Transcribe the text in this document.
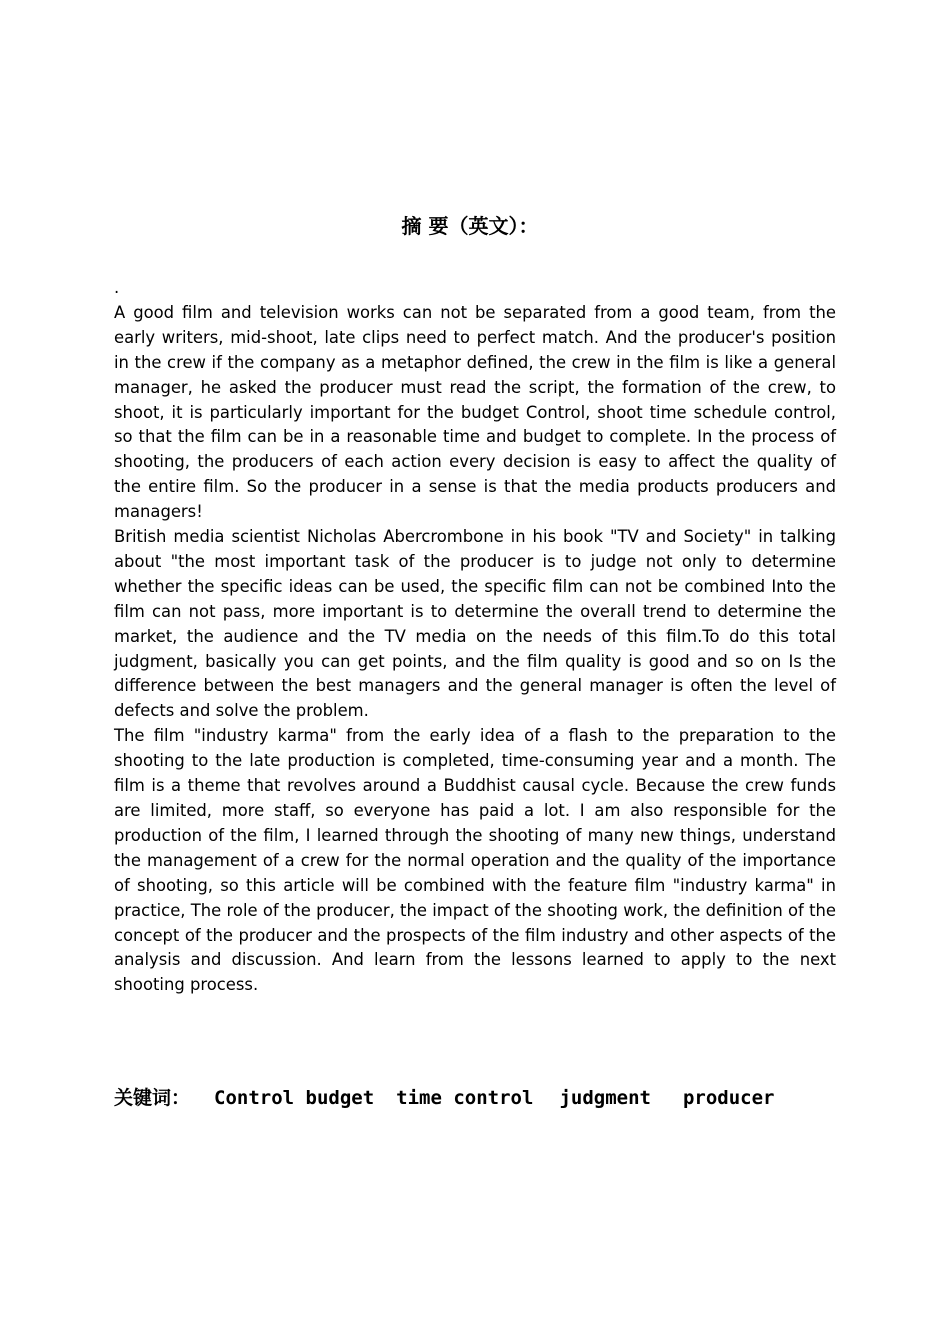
摘 要（英文）：

.

A good film and television works can not be separated from a good team, from the early writers, mid-shoot, late clips need to perfect match. And the producer's position in the crew if the company as a metaphor defined, the crew in the film is like a general manager, he asked the producer must read the script, the formation of the crew, to shoot, it is particularly important for the budget Control, shoot time schedule control, so that the film can be in a reasonable time and budget to complete. In the process of shooting, the producers of each action every decision is easy to affect the quality of the entire film. So the producer in a sense is that the media products producers and managers!

British media scientist Nicholas Abercrombone in his book "TV and Society" in talking about "the most important task of the producer is to judge not only to determine whether the specific ideas can be used, the specific film can not be combined Into the film can not pass, more important is to determine the overall trend to determine the market, the audience and the TV media on the needs of this film.To do this total judgment, basically you can get points, and the film quality is good and so on Is the difference between the best managers and the general manager is often the level of defects and solve the problem.

The film "industry karma" from the early idea of a flash to the preparation to the shooting to the late production is completed, time-consuming year and a month. The film is a theme that revolves around a Buddhist causal cycle. Because the crew funds are limited, more staff, so everyone has paid a lot. I am also responsible for the production of the film, I learned through the shooting of many new things, understand the management of a crew for the normal operation and the quality of the importance of shooting, so this article will be combined with the feature film "industry karma" in practice, The role of the producer, the impact of the shooting work, the definition of the concept of the producer and the prospects of the film industry and other aspects of the analysis and discussion. And learn from the lessons learned to apply to the next shooting process.

关键词： Control budget time control judgment producer
